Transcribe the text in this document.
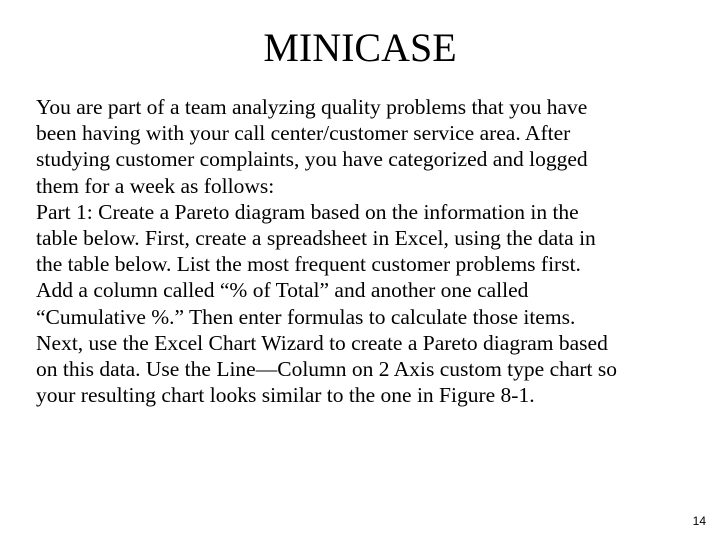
MINICASE

You are part of a team analyzing quality problems that you have
been having with your call center/customer service area. After
studying customer complaints, you have categorized and logged
them for a week as follows:
Part 1: Create a Pareto diagram based on the information in the
table below. First, create a spreadsheet in Excel, using the data in
the table below. List the most frequent customer problems first.
Add a column called “% of Total” and another one called
“Cumulative %.” Then enter formulas to calculate those items.
Next, use the Excel Chart Wizard to create a Pareto diagram based
on this data. Use the Line—Column on 2 Axis custom type chart so
your resulting chart looks similar to the one in Figure 8-1.

14
